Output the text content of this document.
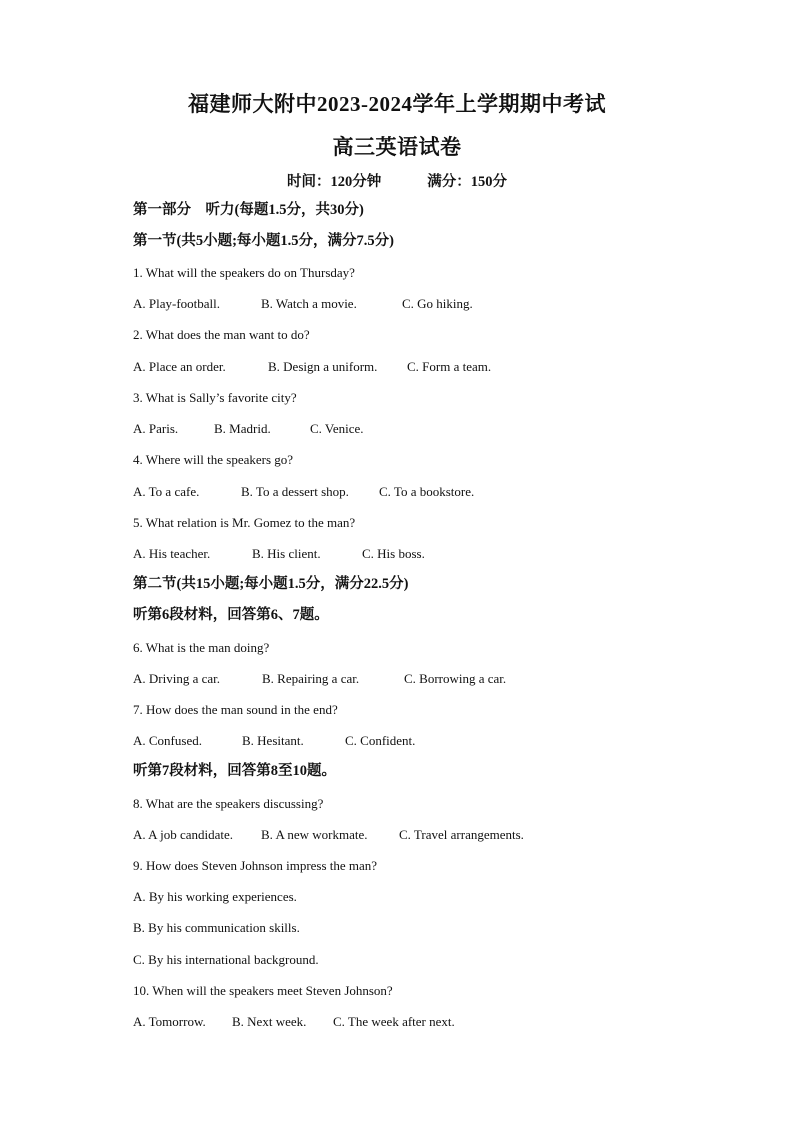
福建师大附中2023-2024学年上学期期中考试
高三英语试卷
时间：120分钟	满分：150分
第一部分　听力(每题1.5分，共30分)
第一节(共5小题;每小题1.5分，满分7.5分)
1. What will the speakers do on Thursday?
A. Play-football.	B. Watch a movie.	C. Go hiking.
2. What does the man want to do?
A. Place an order.	B. Design a uniform. C. Form a team.
3. What is Sally’s favorite city?
A. Paris.	B. Madrid.	C. Venice.
4. Where will the speakers go?
A. To a cafe.	B. To a dessert shop. C. To a bookstore.
5. What relation is Mr. Gomez to the man?
A. His teacher.	B. His client.	C. His boss.
第二节(共15小题;每小题1.5分，满分22.5分)
听第6段材料，回答第6、7题。
6. What is the man doing?
A. Driving a car.	B. Repairing a car.	C. Borrowing a car.
7. How does the man sound in the end?
A. Confused.	B. Hesitant.	C. Confident.
听第7段材料，回答第8至10题。
8. What are the speakers discussing?
A. A job candidate. B. A new workmate. C. Travel arrangements.
9. How does Steven Johnson impress the man?
A. By his working experiences.
B. By his communication skills.
C. By his international background.
10. When will the speakers meet Steven Johnson?
A. Tomorrow. B. Next week. C. The week after next.
